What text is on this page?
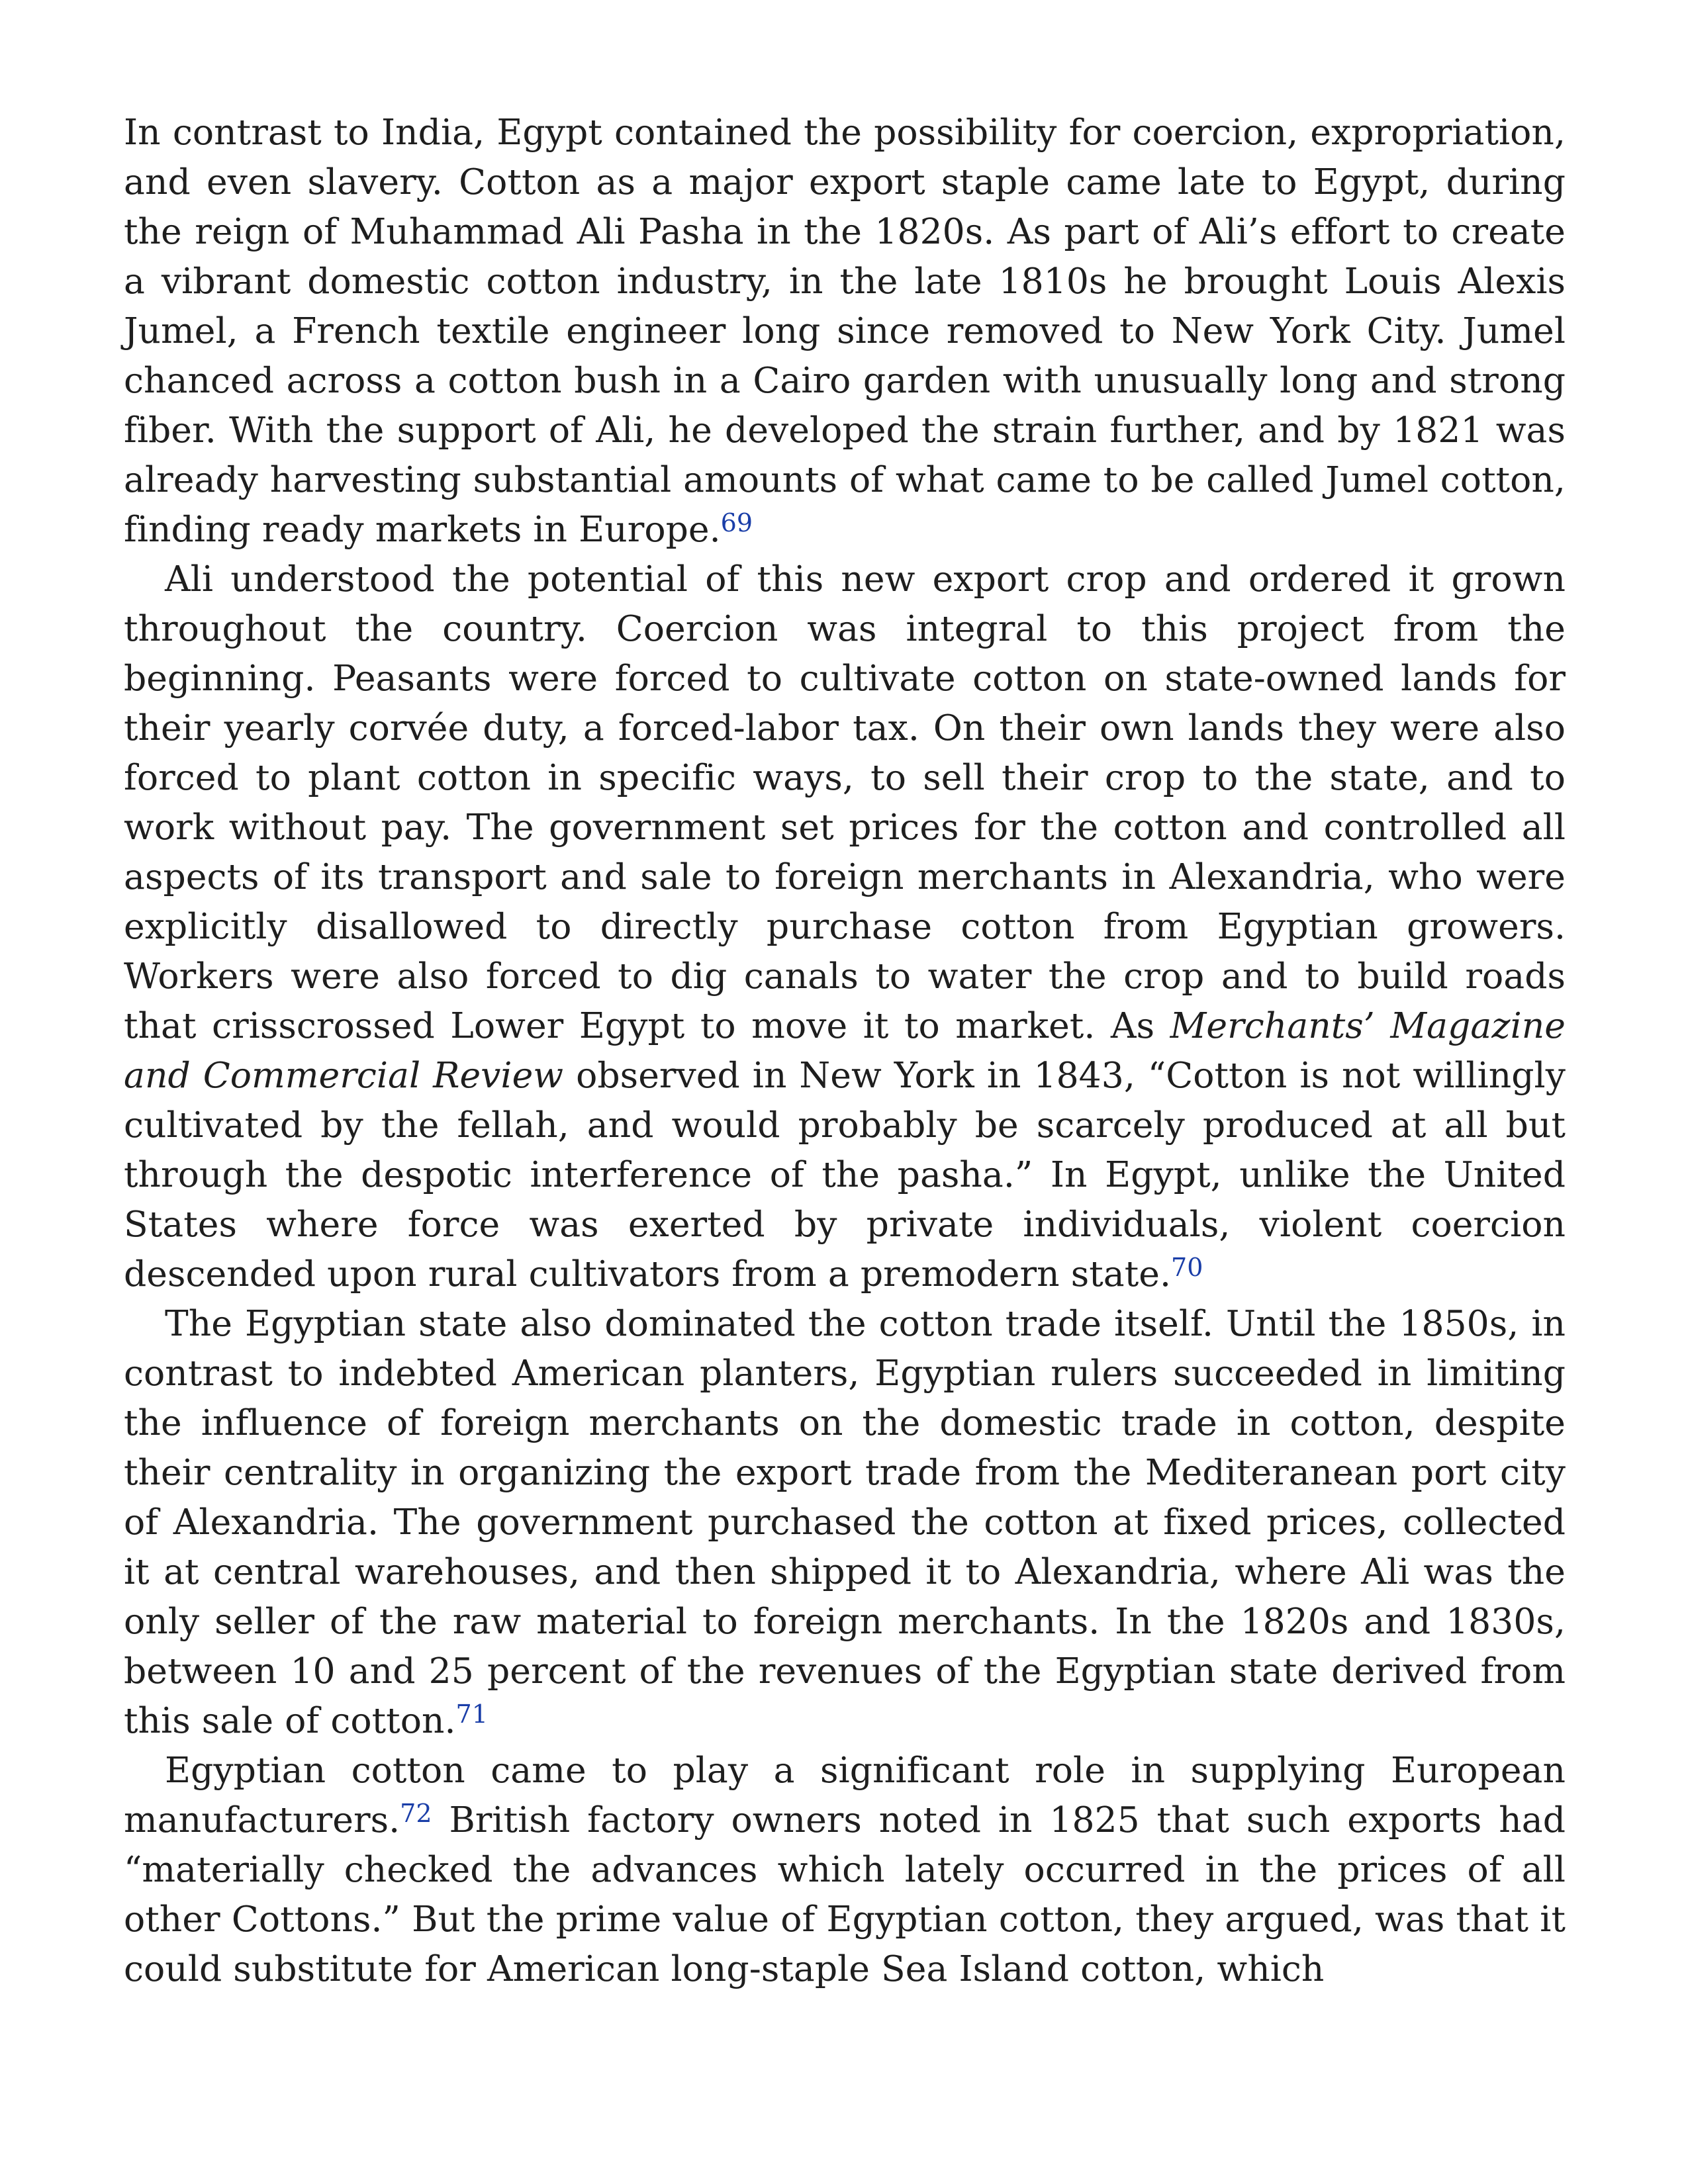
In contrast to India, Egypt contained the possibility for coercion, expropriation, and even slavery. Cotton as a major export staple came late to Egypt, during the reign of Muhammad Ali Pasha in the 1820s. As part of Ali’s effort to create a vibrant domestic cotton industry, in the late 1810s he brought Louis Alexis Jumel, a French textile engineer long since removed to New York City. Jumel chanced across a cotton bush in a Cairo garden with unusually long and strong fiber. With the support of Ali, he developed the strain further, and by 1821 was already harvesting substantial amounts of what came to be called Jumel cotton, finding ready markets in Europe.$^{69}$

Ali understood the potential of this new export crop and ordered it grown throughout the country. Coercion was integral to this project from the beginning. Peasants were forced to cultivate cotton on state-owned lands for their yearly corvée duty, a forced-labor tax. On their own lands they were also forced to plant cotton in specific ways, to sell their crop to the state, and to work without pay. The government set prices for the cotton and controlled all aspects of its transport and sale to foreign merchants in Alexandria, who were explicitly disallowed to directly purchase cotton from Egyptian growers. Workers were also forced to dig canals to water the crop and to build roads that crisscrossed Lower Egypt to move it to market. As Merchants’ Magazine and Commercial Review observed in New York in 1843, “Cotton is not willingly cultivated by the fellah, and would probably be scarcely produced at all but through the despotic interference of the pasha.” In Egypt, unlike the United States where force was exerted by private individuals, violent coercion descended upon rural cultivators from a premodern state.$^{70}$

The Egyptian state also dominated the cotton trade itself. Until the 1850s, in contrast to indebted American planters, Egyptian rulers succeeded in limiting the influence of foreign merchants on the domestic trade in cotton, despite their centrality in organizing the export trade from the Mediteranean port city of Alexandria. The government purchased the cotton at fixed prices, collected it at central warehouses, and then shipped it to Alexandria, where Ali was the only seller of the raw material to foreign merchants. In the 1820s and 1830s, between 10 and 25 percent of the revenues of the Egyptian state derived from this sale of cotton.$^{71}$

Egyptian cotton came to play a significant role in supplying European manufacturers.$^{72}$ British factory owners noted in 1825 that such exports had “materially checked the advances which lately occurred in the prices of all other Cottons.” But the prime value of Egyptian cotton, they argued, was that it could substitute for American long-staple Sea Island cotton, which
